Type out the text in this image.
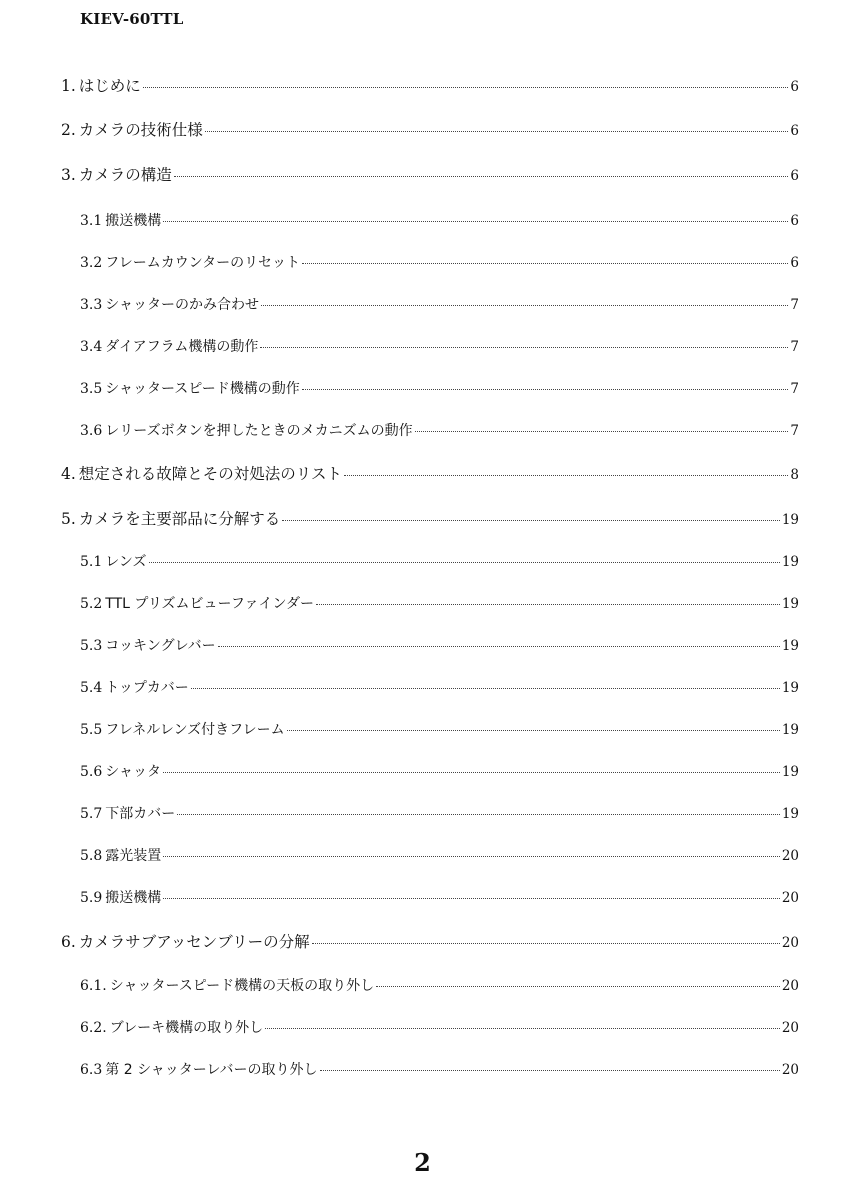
KIEV-60TTL
1. はじめに	6
2. カメラの技術仕様	6
3. カメラの構造	6
3.1 搬送機構	6
3.2 フレームカウンターのリセット	6
3.3 シャッターのかみ合わせ	7
3.4 ダイアフラム機構の動作	7
3.5 シャッタースピード機構の動作	7
3.6 レリーズボタンを押したときのメカニズムの動作	7
4. 想定される故障とその対処法のリスト	8
5. カメラを主要部品に分解する	19
5.1 レンズ	19
5.2 TTL プリズムビューファインダー	19
5.3 コッキングレバー	19
5.4 トップカバー	19
5.5 フレネルレンズ付きフレーム	19
5.6 シャッタ	19
5.7 下部カバー	19
5.8 露光装置	20
5.9 搬送機構	20
6. カメラサブアッセンブリーの分解	20
6.1. シャッタースピード機構の天板の取り外し	20
6.2. ブレーキ機構の取り外し	20
6.3 第 2 シャッターレバーの取り外し	20
2
